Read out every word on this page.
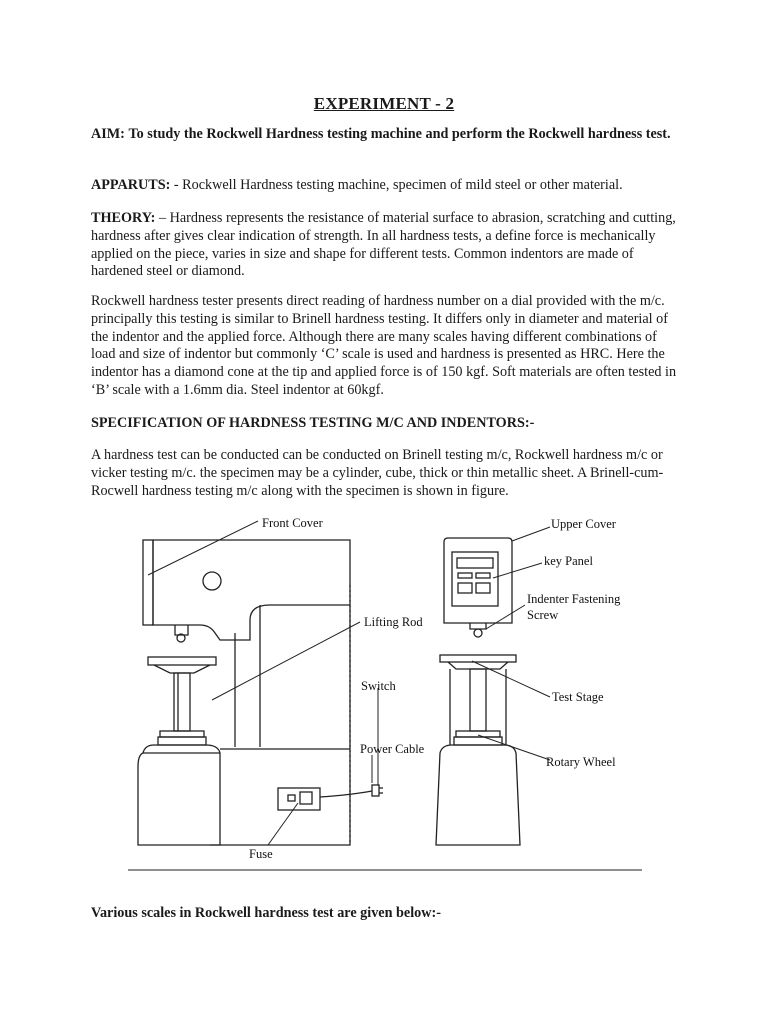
EXPERIMENT - 2

AIM: To study the Rockwell Hardness testing machine and perform the Rockwell hardness test.

APPARUTS: - Rockwell Hardness testing machine, specimen of mild steel or other material.

THEORY: – Hardness represents the resistance of material surface to abrasion, scratching and cutting, hardness after gives clear indication of strength. In all hardness tests, a define force is mechanically applied on the piece, varies in size and shape for different tests. Common indentors are made of hardened steel or diamond.

Rockwell hardness tester presents direct reading of hardness number on a dial provided with the m/c. principally this testing is similar to Brinell hardness testing. It differs only in diameter and material of the indentor and the applied force. Although there are many scales having different combinations of load and size of indentor but commonly ‘C’ scale is used and hardness is presented as HRC. Here the indentor has a diamond cone at the tip and applied force is of 150 kgf. Soft materials are often tested in ‘B’ scale with a 1.6mm dia. Steel indentor at 60kgf.

SPECIFICATION OF HARDNESS TESTING M/C AND INDENTORS:-

A hardness test can be conducted can be conducted on Brinell testing m/c, Rockwell hardness m/c or vicker testing m/c. the specimen may be a cylinder, cube, thick or thin metallic sheet. A Brinell-cum-Rocwell hardness testing m/c along with the specimen is shown in figure.

Front Cover
Lifting Rod
Switch
Power Cable
Fuse
Upper Cover
key Panel
Indenter Fastening
Screw
Test Stage
Rotary Wheel

Various scales in Rockwell hardness test are given below:-
